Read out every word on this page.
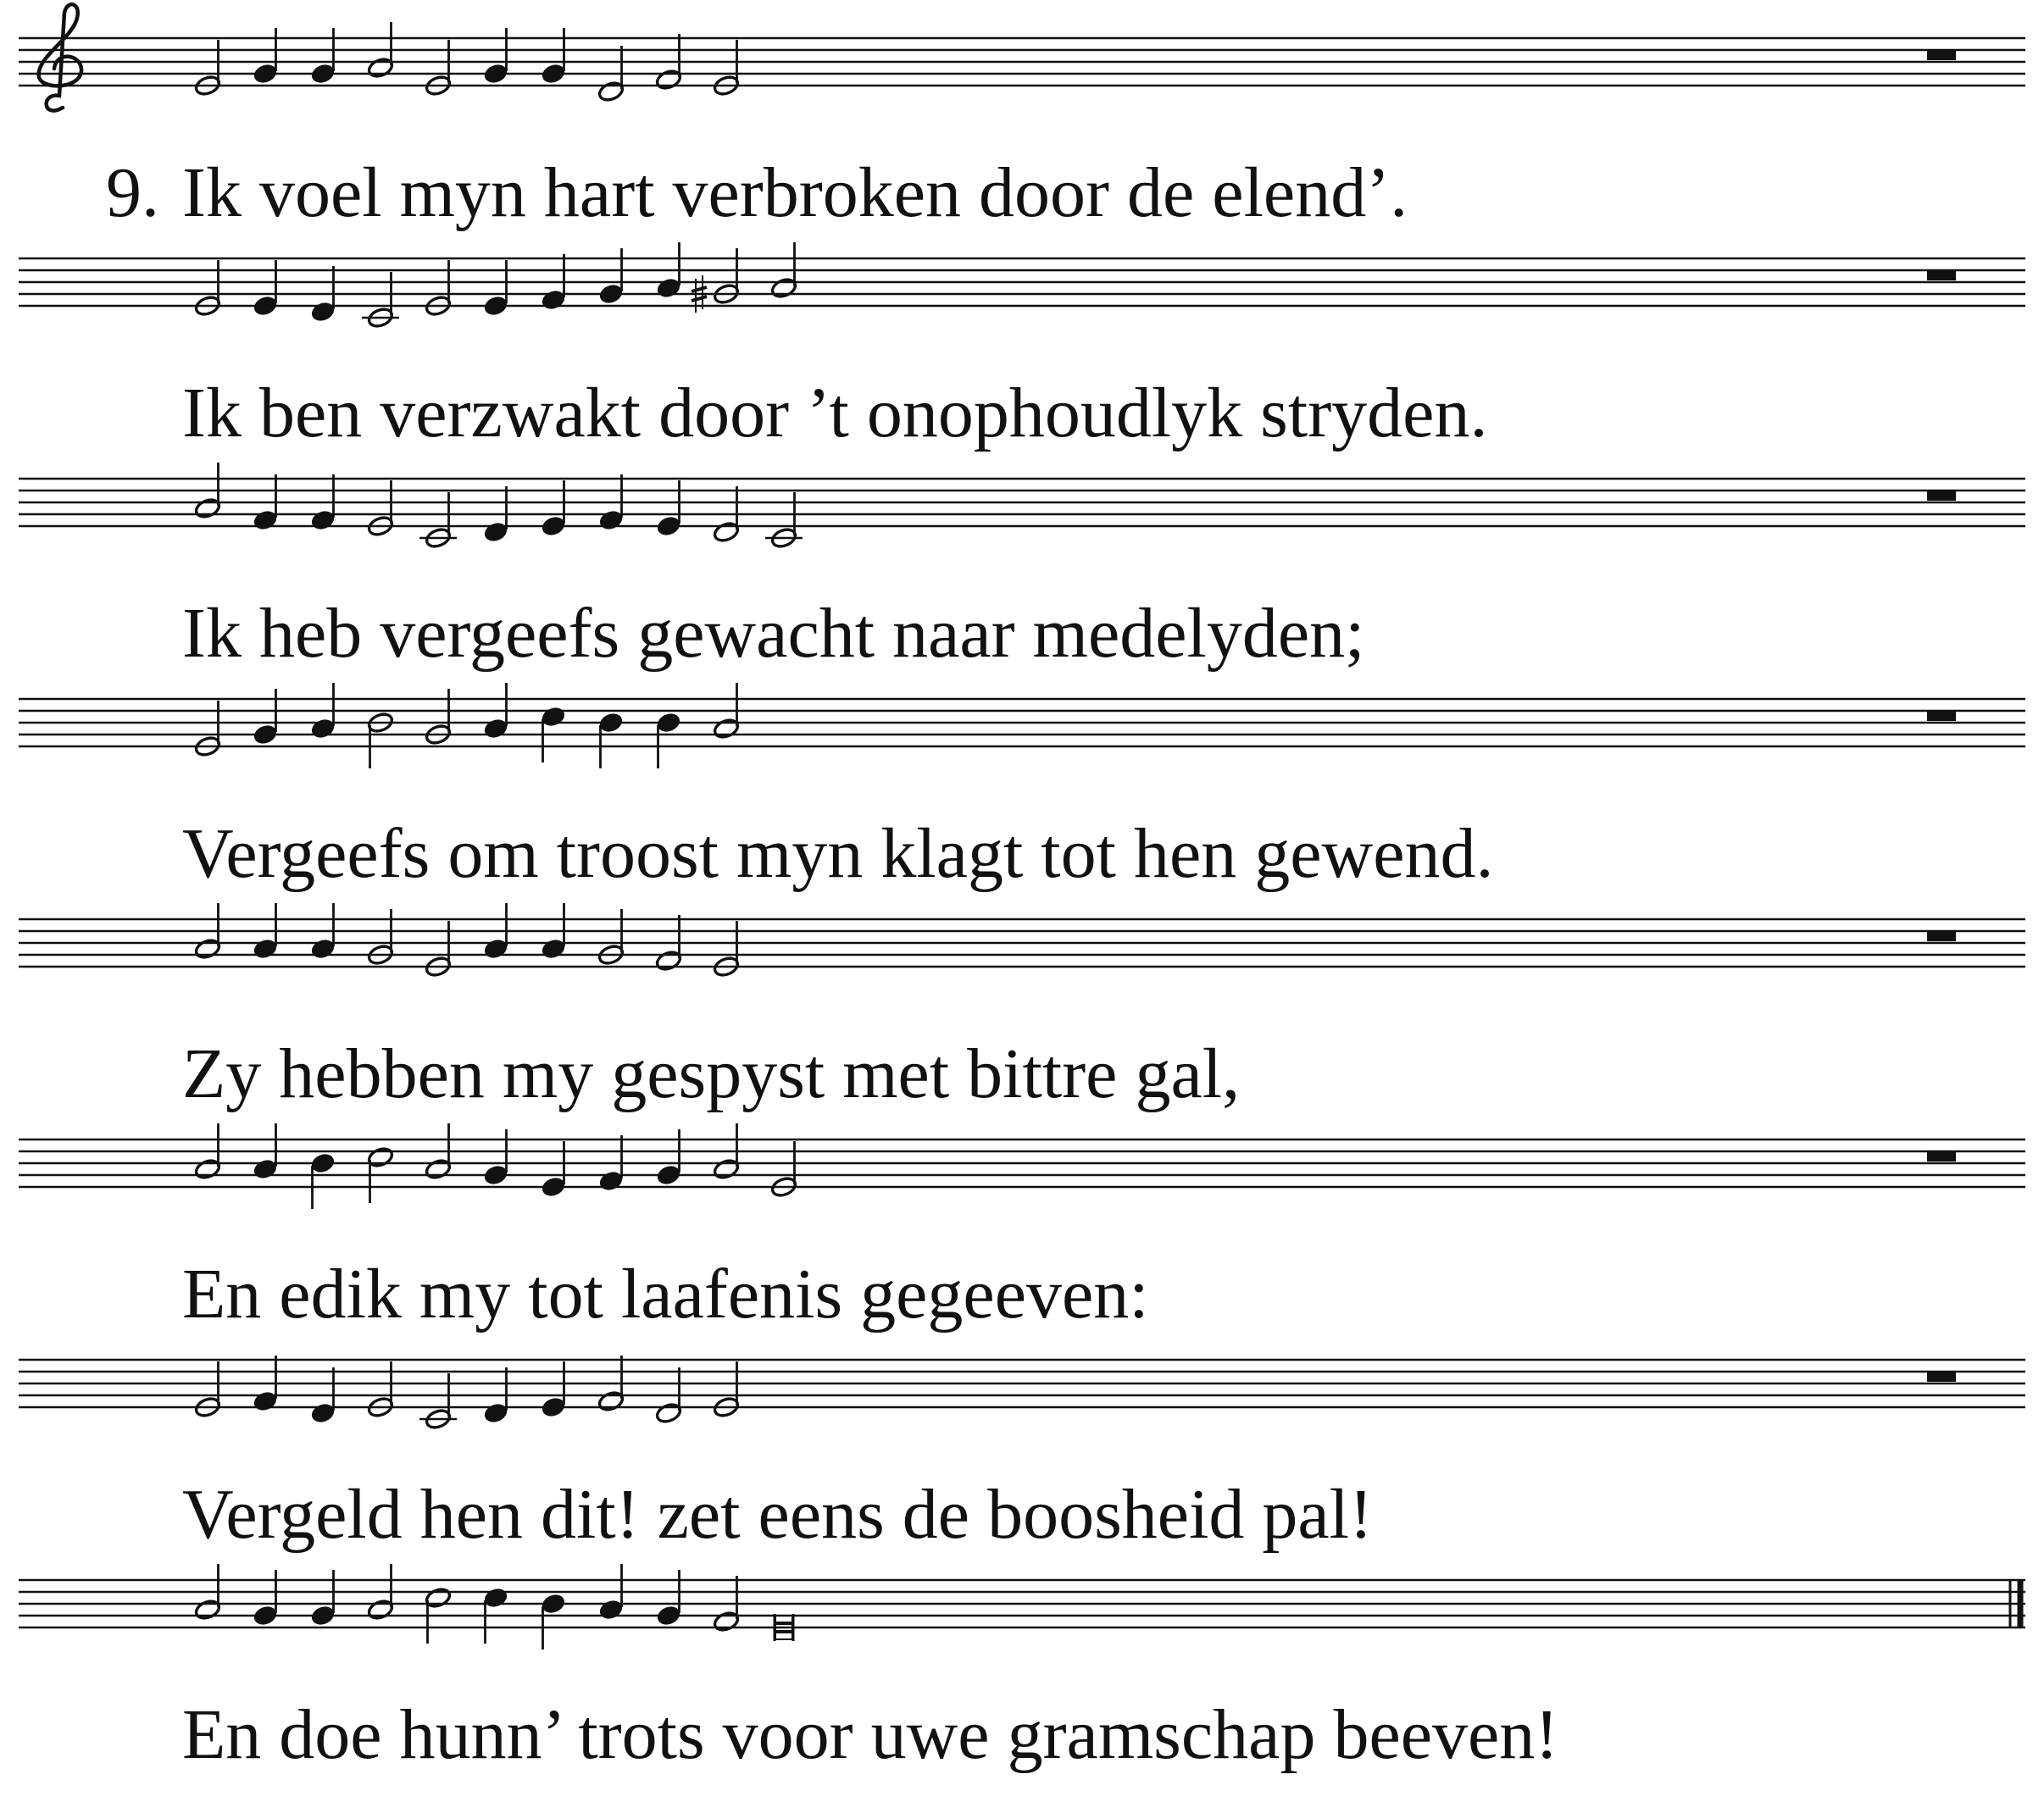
9. Ik voel myn hart verbroken door de elend’.
Ik ben verzwakt door ’t onophoudlyk stryden.
Ik heb vergeefs gewacht naar medelyden;
Vergeefs om troost myn klagt tot hen gewend.
Zy hebben my gespyst met bittre gal,
En edik my tot laafenis gegeeven:
Vergeld hen dit! zet eens de boosheid pal!
En doe hunn’ trots voor uwe gramschap beeven!
